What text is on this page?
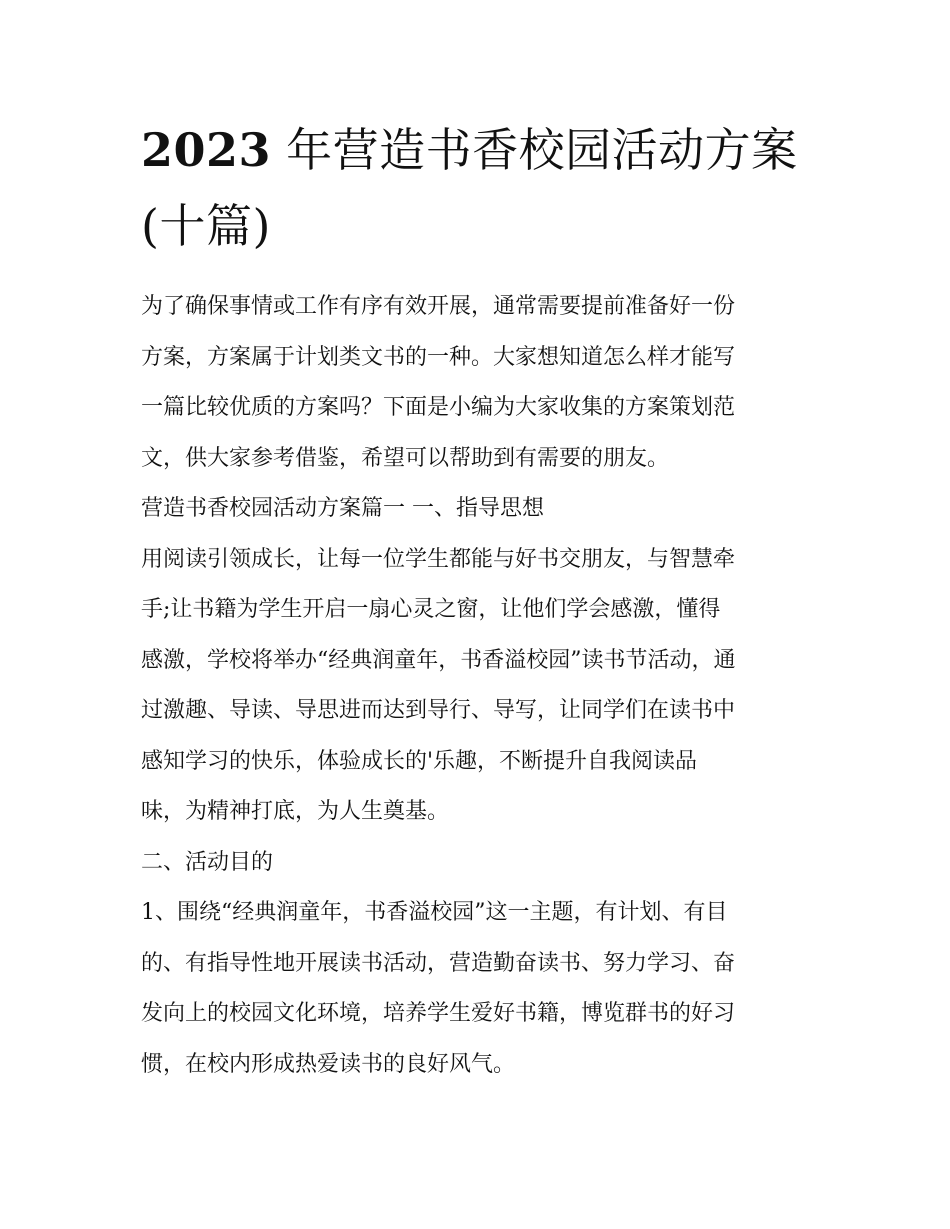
2023 年营造书香校园活动方案
(十篇)

为了确保事情或工作有序有效开展，通常需要提前准备好一份
方案，方案属于计划类文书的一种。大家想知道怎么样才能写
一篇比较优质的方案吗？下面是小编为大家收集的方案策划范
文，供大家参考借鉴，希望可以帮助到有需要的朋友。

营造书香校园活动方案篇一 一、指导思想

用阅读引领成长，让每一位学生都能与好书交朋友，与智慧牵
手;让书籍为学生开启一扇心灵之窗，让他们学会感激，懂得
感激，学校将举办“经典润童年，书香溢校园”读书节活动，通
过激趣、导读、导思进而达到导行、导写，让同学们在读书中
感知学习的快乐，体验成长的'乐趣，不断提升自我阅读品
味，为精神打底，为人生奠基。

二、活动目的

1、围绕“经典润童年，书香溢校园”这一主题，有计划、有目
的、有指导性地开展读书活动，营造勤奋读书、努力学习、奋
发向上的校园文化环境，培养学生爱好书籍，博览群书的好习
惯，在校内形成热爱读书的良好风气。
